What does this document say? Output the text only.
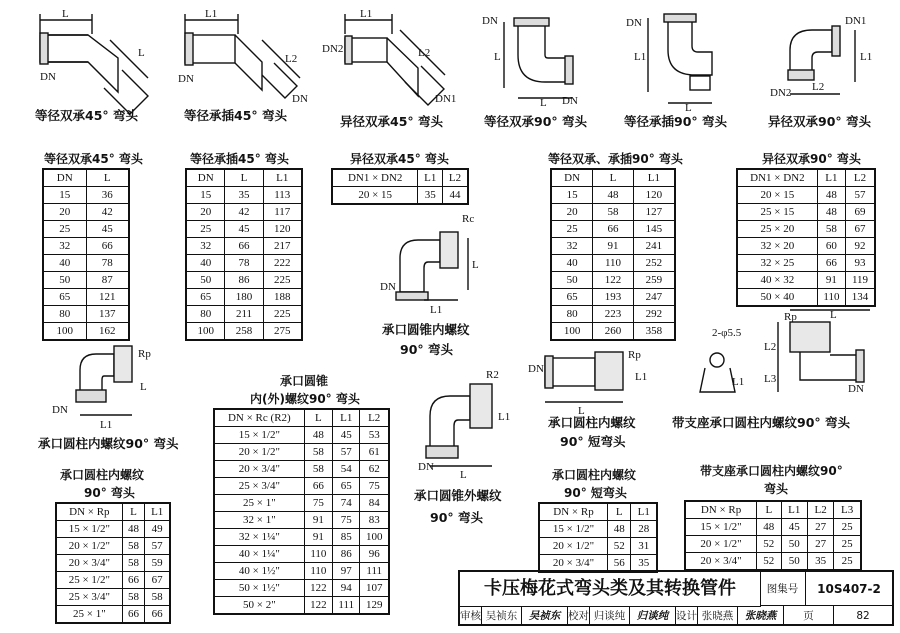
L
DN
L
L1
DN
L2
DN
L1
DN2	L2
DN1
DN
L
L DN
DN
L1
L
DN1
L1
DN2 L2
等径双承45° 弯头	等径承插45° 弯头	异径双承45° 弯头	等径双承90° 弯头	等径承插90° 弯头	异径双承90° 弯头
等径双承45° 弯头
DN	L
15	36
20	42
25	45
32	66
40	78
50	87
65	121
80	137
100	162
等径承插45° 弯头
DN	L	L1
15	35	113
20	42	117
25	45	120
32	66	217
40	78	222
50	86	225
65	180	188
80	211	225
100	258	275
异径双承45° 弯头
DN1 × DN2	L1	L2
20 × 15	35	44
等径双承、承插90° 弯头
DN	L	L1
15	48	120
20	58	127
25	66	145
32	91	241
40	110	252
50	122	259
65	193	247
80	223	292
100	260	358
异径双承90° 弯头
DN1 × DN2	L1	L2
20 × 15	48	57
25 × 15	48	69
25 × 20	58	67
32 × 20	60	92
32 × 25	66	93
40 × 32	91	119
50 × 40	110	134
Rc
DN
L1
L
Rp
DN
L1
L
DN
Rp
L1
L
2-φ5.5
L1
Rp	L
L2
L3
DN
R2
DN
L
L1
承口圆锥内螺纹
90° 弯头
承口圆柱内螺纹90° 弯头
承口圆柱内螺纹
90° 短弯头
带支座承口圆柱内螺纹90° 弯头
承口圆锥外螺纹
90° 弯头
承口圆柱内螺纹
90° 弯头
DN × Rp	L	L1
15 × 1/2"	48	49
20 × 1/2"	58	57
20 × 3/4"	58	59
25 × 1/2"	66	67
25 × 3/4"	58	58
25 × 1"	66	66
承口圆锥
内(外)螺纹90° 弯头
DN × Rc (R2)	L	L1	L2
15 × 1/2"	48	45	53
20 × 1/2"	58	57	61
20 × 3/4"	58	54	62
25 × 3/4"	66	65	75
25 × 1"	75	74	84
32 × 1"	91	75	83
32 × 1¼"	91	85	100
40 × 1¼"	110	86	96
40 × 1½"	110	97	111
50 × 1½"	122	94	107
50 × 2"	122	111	129
承口圆柱内螺纹
90° 短弯头
DN × Rp	L	L1
15 × 1/2"	48	28
20 × 1/2"	52	31
20 × 3/4"	56	35
带支座承口圆柱内螺纹90°
弯头
DN × Rp	L	L1	L2	L3
15 × 1/2"	48	45	27	25
20 × 1/2"	52	50	27	25
20 × 3/4"	52	50	35	25
卡压梅花式弯头类及其转换管件	图集号	10S407-2
审核 吴祯东	吴祯东 校对 归谈纯	归谈纯 设计 张晓燕	张晓燕	页	82
